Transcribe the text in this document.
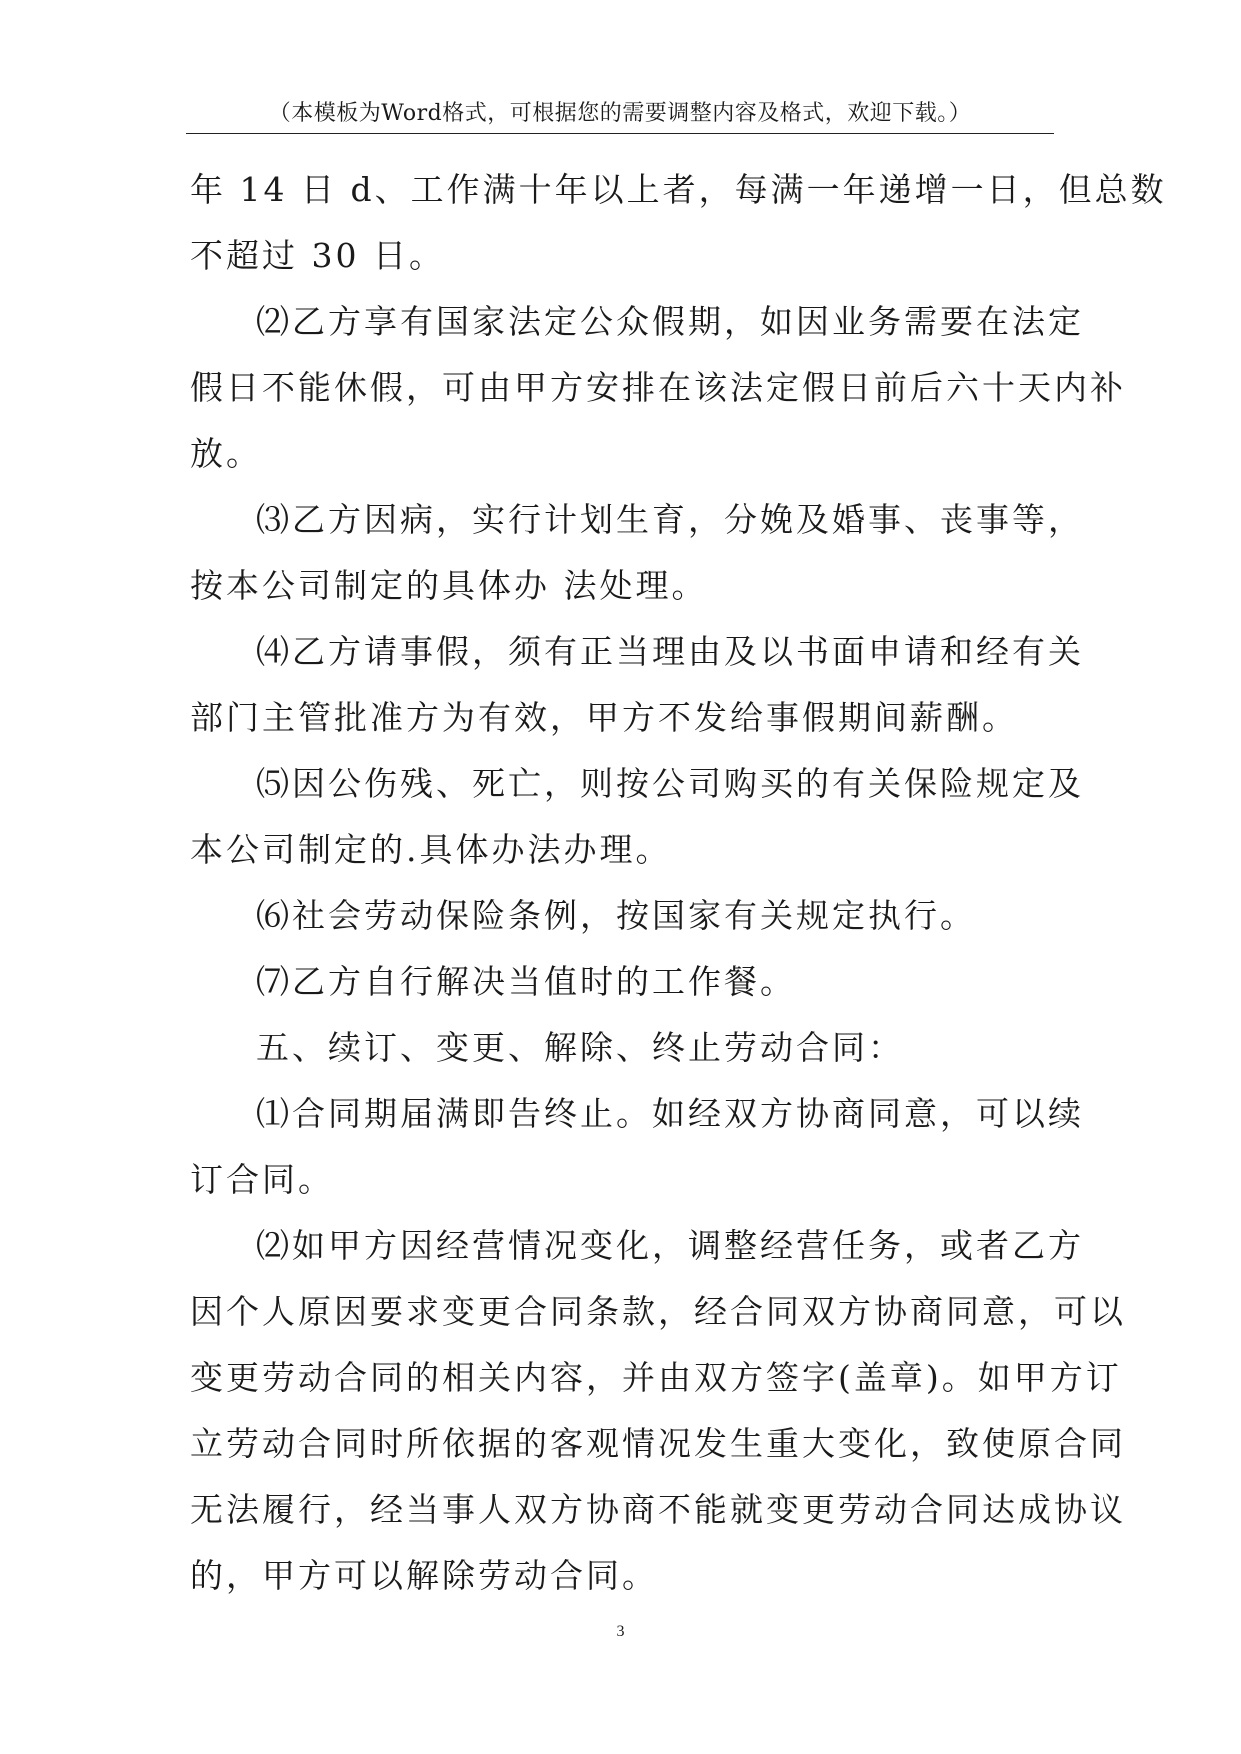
（本模板为Word格式，可根据您的需要调整内容及格式，欢迎下载。）
年 14 日 d、工作满十年以上者，每满一年递增一日，但总数
不超过 30 日。
⑵乙方享有国家法定公众假期，如因业务需要在法定
假日不能休假，可由甲方安排在该法定假日前后六十天内补
放。
⑶乙方因病，实行计划生育，分娩及婚事、丧事等，
按本公司制定的具体办 法处理。
⑷乙方请事假，须有正当理由及以书面申请和经有关
部门主管批准方为有效，甲方不发给事假期间薪酬。
⑸因公伤残、死亡，则按公司购买的有关保险规定及
本公司制定的.具体办法办理。
⑹社会劳动保险条例，按国家有关规定执行。
⑺乙方自行解决当值时的工作餐。
五、续订、变更、解除、终止劳动合同：
⑴合同期届满即告终止。如经双方协商同意，可以续
订合同。
⑵如甲方因经营情况变化，调整经营任务，或者乙方
因个人原因要求变更合同条款，经合同双方协商同意，可以
变更劳动合同的相关内容，并由双方签字(盖章)。如甲方订
立劳动合同时所依据的客观情况发生重大变化，致使原合同
无法履行，经当事人双方协商不能就变更劳动合同达成协议
的，甲方可以解除劳动合同。
3
